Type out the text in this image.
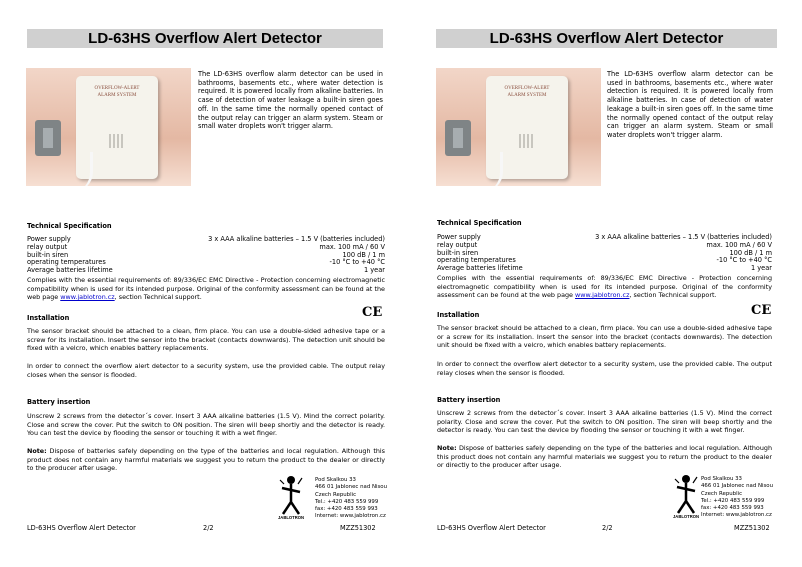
LD-63HS Overflow Alert Detector
OVERFLOW-ALERT
ALARM SYSTEM
The LD-63HS overflow alarm detector can be used in bathrooms, basements etc., where water detection is required. It is powered locally from alkaline batteries. In case of detection of water leakage a built-in siren goes off. In the same time the normally opened contact of the output relay can trigger an alarm system. Steam or small water droplets won't trigger alarm.
Technical Specification
Power supply	3 x AAA alkaline batteries – 1.5 V (batteries included)
relay output	max. 100 mA / 60 V
built-in siren	100 dB / 1 m
operating temperatures	-10 °C to +40 °C
Average batteries lifetime	1 year
Complies with the essential requirements of: 89/336/EC EMC Directive - Protection concerning electromagnetic compatibility when is used for its intended purpose. Original of the conformity assessment can be found at the web page www.jablotron.cz, section Technical support.
CE
Installation
The sensor bracket should be attached to a clean, firm place. You can use a double-sided adhesive tape or a screw for its installation. Insert the sensor into the bracket (contacts downwards). The detection unit should be fixed with a velcro, which enables battery replacements.
In order to connect the overflow alert detector to a security system, use the provided cable. The output relay closes when the sensor is flooded.
Battery insertion
Unscrew 2 screws from the detector´s cover. Insert 3 AAA alkaline batteries (1.5 V). Mind the correct polarity. Close and screw the cover. Put the switch to ON position. The siren will beep shortly and the detector is ready. You can test the device by flooding the sensor or touching it with a wet finger.
Note: Dispose of batteries safely depending on the type of the batteries and local regulation. Although this product does not contain any harmful materials we suggest you to return the product to the dealer or directly to the producer after usage.
JABLOTRON
Pod Skalkou 33
466 01 Jablonec nad Nisou
Czech Republic
Tel.: +420 483 559 999
fax: +420 483 559 993
Internet: www.jablotron.cz
LD-63HS Overflow Alert Detector	2/2	MZZ51302
LD-63HS Overflow Alert Detector
OVERFLOW-ALERT
ALARM SYSTEM
The LD-63HS overflow alarm detector can be used in bathrooms, basements etc., where water detection is required. It is powered locally from alkaline batteries. In case of detection of water leakage a built-in siren goes off. In the same time the normally opened contact of the output relay can trigger an alarm system. Steam or small water droplets won't trigger alarm.
Technical Specification
Power supply	3 x AAA alkaline batteries – 1.5 V (batteries included)
relay output	max. 100 mA / 60 V
built-in siren	100 dB / 1 m
operating temperatures	-10 °C to +40 °C
Average batteries lifetime	1 year
Complies with the essential requirements of: 89/336/EC EMC Directive - Protection concerning electromagnetic compatibility when is used for its intended purpose. Original of the conformity assessment can be found at the web page www.jablotron.cz, section Technical support.
CE
Installation
The sensor bracket should be attached to a clean, firm place. You can use a double-sided adhesive tape or a screw for its installation. Insert the sensor into the bracket (contacts downwards). The detection unit should be fixed with a velcro, which enables battery replacements.
In order to connect the overflow alert detector to a security system, use the provided cable. The output relay closes when the sensor is flooded.
Battery insertion
Unscrew 2 screws from the detector´s cover. Insert 3 AAA alkaline batteries (1.5 V). Mind the correct polarity. Close and screw the cover. Put the switch to ON position. The siren will beep shortly and the detector is ready. You can test the device by flooding the sensor or touching it with a wet finger.
Note: Dispose of batteries safely depending on the type of the batteries and local regulation. Although this product does not contain any harmful materials we suggest you to return the product to the dealer or directly to the producer after usage.
JABLOTRON
Pod Skalkou 33
466 01 Jablonec nad Nisou
Czech Republic
Tel.: +420 483 559 999
fax: +420 483 559 993
Internet: www.jablotron.cz
LD-63HS Overflow Alert Detector	2/2	MZZ51302
